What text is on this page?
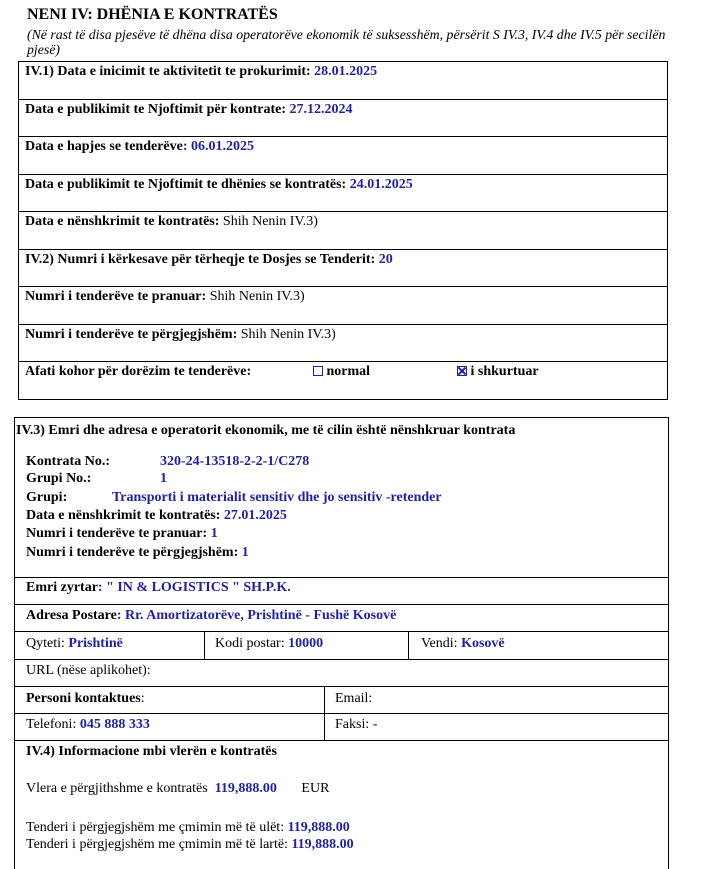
NENI IV: DHËNIA E KONTRATËS
(Në rast të disa pjesëve të dhëna disa operatorëve ekonomik të suksesshëm, përsërit S IV.3, IV.4 dhe IV.5 për secilën pjesë)
IV.1) Data e inicimit te aktivitetit te prokurimit: 28.01.2025
Data e publikimit te Njoftimit për kontrate: 27.12.2024
Data e hapjes se tenderëve: 06.01.2025
Data e publikimit te Njoftimit te dhënies se kontratës: 24.01.2025
Data e nënshkrimit te kontratës: Shih Nenin IV.3)
IV.2) Numri i kërkesave për tërheqje te Dosjes se Tenderit: 20
Numri i tenderëve te pranuar: Shih Nenin IV.3)
Numri i tenderëve te përgjegjshëm: Shih Nenin IV.3)
Afati kohor për dorëzim te tenderëve:	normal	i shkurtuar
IV.3) Emri dhe adresa e operatorit ekonomik, me të cilin është nënshkruar kontrata
Kontrata No.:	320-24-13518-2-2-1/C278
Grupi No.:	1
Grupi:	Transporti i materialit sensitiv dhe jo sensitiv -retender
Data e nënshkrimit te kontratës: 27.01.2025
Numri i tenderëve te pranuar: 1
Numri i tenderëve te përgjegjshëm: 1
Emri zyrtar: " IN & LOGISTICS " SH.P.K.
Adresa Postare: Rr. Amortizatorëve, Prishtinë - Fushë Kosovë
Qyteti: Prishtinë	Kodi postar: 10000	Vendi: Kosovë
URL (nëse aplikohet):
Personi kontaktues:	Email:
Telefoni: 045 888 333	Faksi: -
IV.4) Informacione mbi vlerën e kontratës
Vlera e përgjithshme e kontratës 119,888.00 EUR
Tenderi i përgjegjshëm me çmimin më të ulët: 119,888.00
Tenderi i përgjegjshëm me çmimin më të lartë: 119,888.00
